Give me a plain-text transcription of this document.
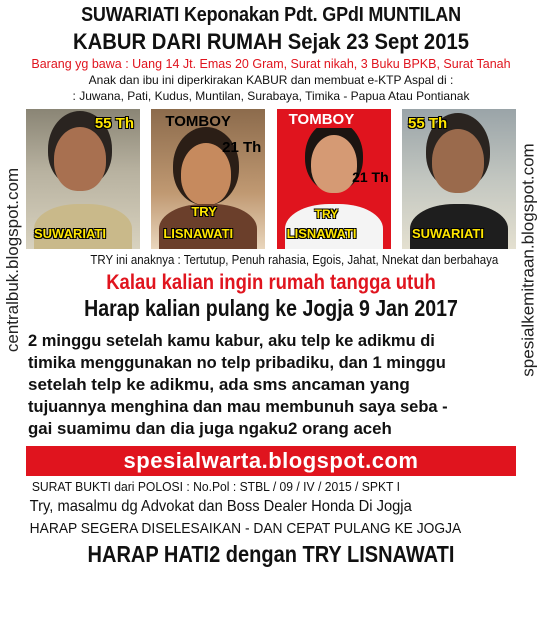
centralbuk.blogspot.com	spesialkemitraan.blogspot.com
SUWARIATI Keponakan Pdt. GPdI MUNTILAN
KABUR DARI RUMAH Sejak 23 Sept 2015
Barang yg bawa : Uang 14 Jt. Emas 20 Gram, Surat nikah, 3 Buku BPKB, Surat Tanah
Anak dan ibu ini diperkirakan KABUR dan membuat e-KTP Aspal di :
: Juwana, Pati, Kudus, Muntilan, Surabaya, Timika - Papua Atau Pontianak
55 Th
SUWARIATI
TOMBOY
21 Th
TRY
LISNAWATI
TOMBOY
21 Th
TRY
LISNAWATI
55 Th
SUWARIATI
TRY ini anaknya : Tertutup, Penuh rahasia, Egois, Jahat, Nnekat dan berbahaya
Kalau kalian ingin rumah tangga utuh
Harap kalian pulang ke Jogja 9 Jan 2017
2 minggu setelah kamu kabur, aku telp ke adikmu di
timika menggunakan no telp pribadiku, dan 1 minggu
setelah telp ke adikmu, ada sms ancaman yang
tujuannya menghina dan mau membunuh saya seba -
gai suamimu dan dia juga ngaku2 orang aceh
spesialwarta.blogspot.com
SURAT BUKTI dari POLOSI : No.Pol : STBL / 09 / IV / 2015 / SPKT I
Try, masalmu dg Advokat dan Boss Dealer Honda Di Jogja
HARAP SEGERA DISELESAIKAN - DAN CEPAT PULANG KE JOGJA
HARAP HATI2 dengan TRY LISNAWATI
